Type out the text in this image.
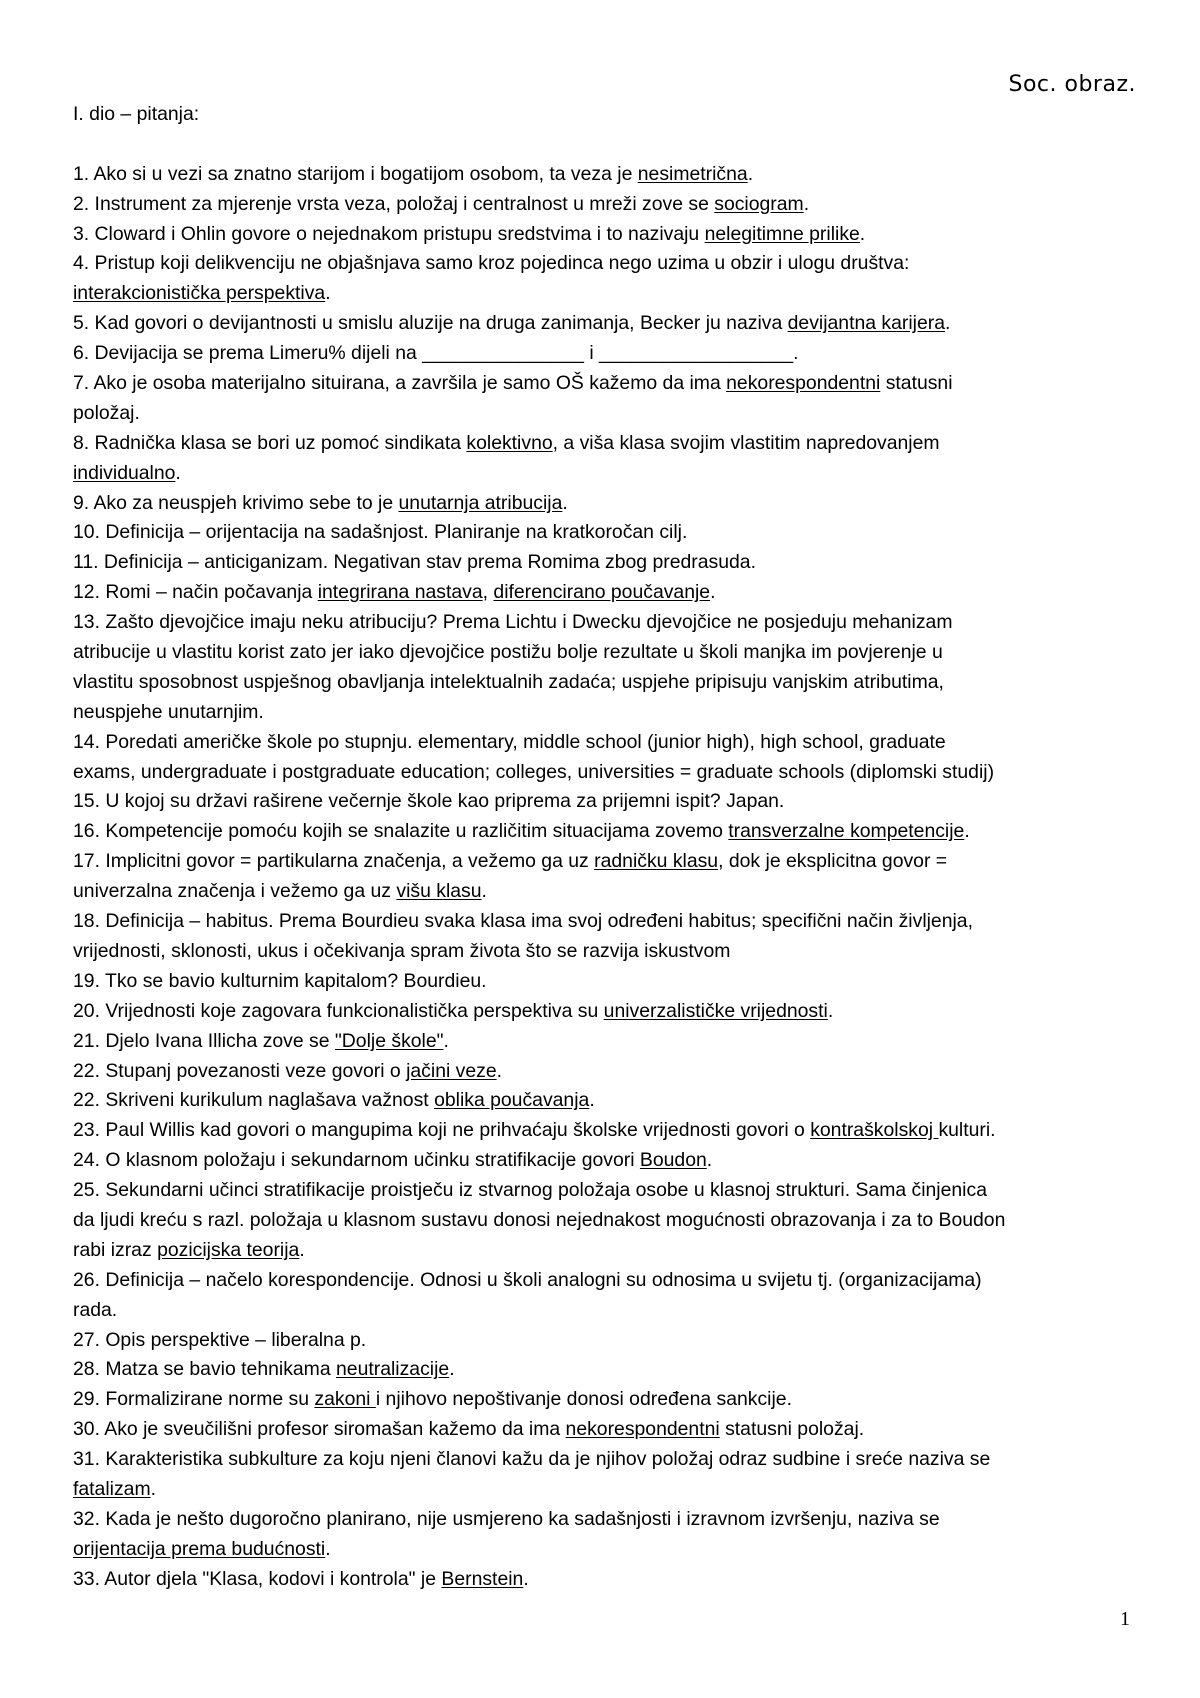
Soc. obraz.
I. dio – pitanja:
1. Ako si u vezi sa znatno starijom i bogatijom osobom, ta veza je nesimetrična.
2. Instrument za mjerenje vrsta veza, položaj i centralnost u mreži zove se sociogram.
3. Cloward i Ohlin govore o nejednakom pristupu sredstvima i to nazivaju nelegitimne prilike.
4. Pristup koji delikvenciju ne objašnjava samo kroz pojedinca nego uzima u obzir i ulogu društva:
interakcionistička perspektiva.
5. Kad govori o devijantnosti u smislu aluzije na druga zanimanja, Becker ju naziva devijantna karijera.
6. Devijacija se prema Limeru% dijeli na _______________ i __________________.
7. Ako je osoba materijalno situirana, a završila je samo OŠ kažemo da ima nekorespondentni statusni
položaj.
8. Radnička klasa se bori uz pomoć sindikata kolektivno, a viša klasa svojim vlastitim napredovanjem
individualno.
9. Ako za neuspjeh krivimo sebe to je unutarnja atribucija.
10. Definicija – orijentacija na sadašnjost. Planiranje na kratkoročan cilj.
11. Definicija – anticiganizam. Negativan stav prema Romima zbog predrasuda.
12. Romi – način počavanja integrirana nastava, diferencirano poučavanje.
13. Zašto djevojčice imaju neku atribuciju? Prema Lichtu i Dwecku djevojčice ne posjeduju mehanizam
atribucije u vlastitu korist zato jer iako djevojčice postižu bolje rezultate u školi manjka im povjerenje u
vlastitu sposobnost uspješnog obavljanja intelektualnih zadaća; uspjehe pripisuju vanjskim atributima,
neuspjehe unutarnjim.
14. Poredati američke škole po stupnju. elementary, middle school (junior high), high school, graduate
exams, undergraduate i postgraduate education; colleges, universities = graduate schools (diplomski studij)
15. U kojoj su državi raširene večernje škole kao priprema za prijemni ispit? Japan.
16. Kompetencije pomoću kojih se snalazite u različitim situacijama zovemo transverzalne kompetencije.
17. Implicitni govor = partikularna značenja, a vežemo ga uz radničku klasu, dok je eksplicitna govor =
univerzalna značenja i vežemo ga uz višu klasu.
18. Definicija – habitus. Prema Bourdieu svaka klasa ima svoj određeni habitus; specifični način življenja,
vrijednosti, sklonosti, ukus i očekivanja spram života što se razvija iskustvom
19. Tko se bavio kulturnim kapitalom? Bourdieu.
20. Vrijednosti koje zagovara funkcionalistička perspektiva su univerzalističke vrijednosti.
21. Djelo Ivana Illicha zove se "Dolje škole".
22. Stupanj povezanosti veze govori o jačini veze.
22. Skriveni kurikulum naglašava važnost oblika poučavanja.
23. Paul Willis kad govori o mangupima koji ne prihvaćaju školske vrijednosti govori o kontraškolskoj kulturi.
24. O klasnom položaju i sekundarnom učinku stratifikacije govori Boudon.
25. Sekundarni učinci stratifikacije proistječu iz stvarnog položaja osobe u klasnoj strukturi. Sama činjenica
da ljudi kreću s razl. položaja u klasnom sustavu donosi nejednakost mogućnosti obrazovanja i za to Boudon
rabi izraz pozicijska teorija.
26. Definicija – načelo korespondencije. Odnosi u školi analogni su odnosima u svijetu tj. (organizacijama)
rada.
27. Opis perspektive – liberalna p.
28. Matza se bavio tehnikama neutralizacije.
29. Formalizirane norme su zakoni i njihovo nepoštivanje donosi određena sankcije.
30. Ako je sveučilišni profesor siromašan kažemo da ima nekorespondentni statusni položaj.
31. Karakteristika subkulture za koju njeni članovi kažu da je njihov položaj odraz sudbine i sreće naziva se
fatalizam.
32. Kada je nešto dugoročno planirano, nije usmjereno ka sadašnjosti i izravnom izvršenju, naziva se
orijentacija prema budućnosti.
33. Autor djela "Klasa, kodovi i kontrola" je Bernstein.
1
